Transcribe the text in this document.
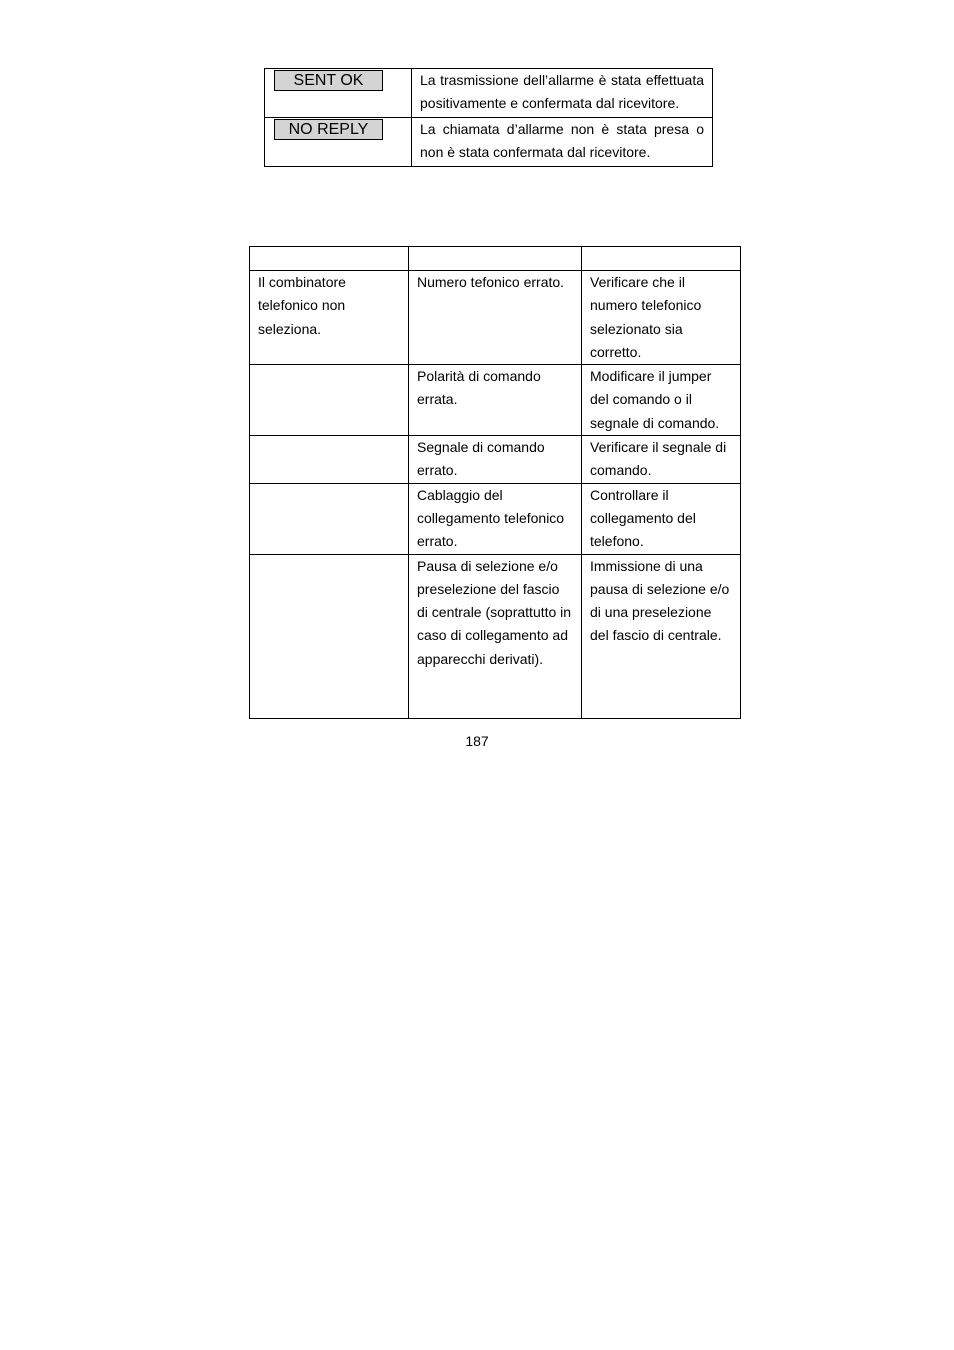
SENT OK	La trasmissione dell’allarme è stata effettuata positivamente e confermata dal ricevitore.

NO REPLY	La chiamata d’allarme non è stata presa o non è stata confermata dal ricevitore.

Il combinatore telefonico non seleziona.	Numero tefonico errato.	Verificare che il numero telefonico selezionato sia corretto.
	Polarità di comando errata.	Modificare il jumper del comando o il segnale di comando.
	Segnale di comando errato.	Verificare il segnale di comando.
	Cablaggio del collegamento telefonico errato.	Controllare il collegamento del telefono.
	Pausa di selezione e/o preselezione del fascio di centrale (soprattutto in caso di collegamento ad apparecchi derivati).	Immissione di una pausa di selezione e/o di una preselezione del fascio di centrale.
187
